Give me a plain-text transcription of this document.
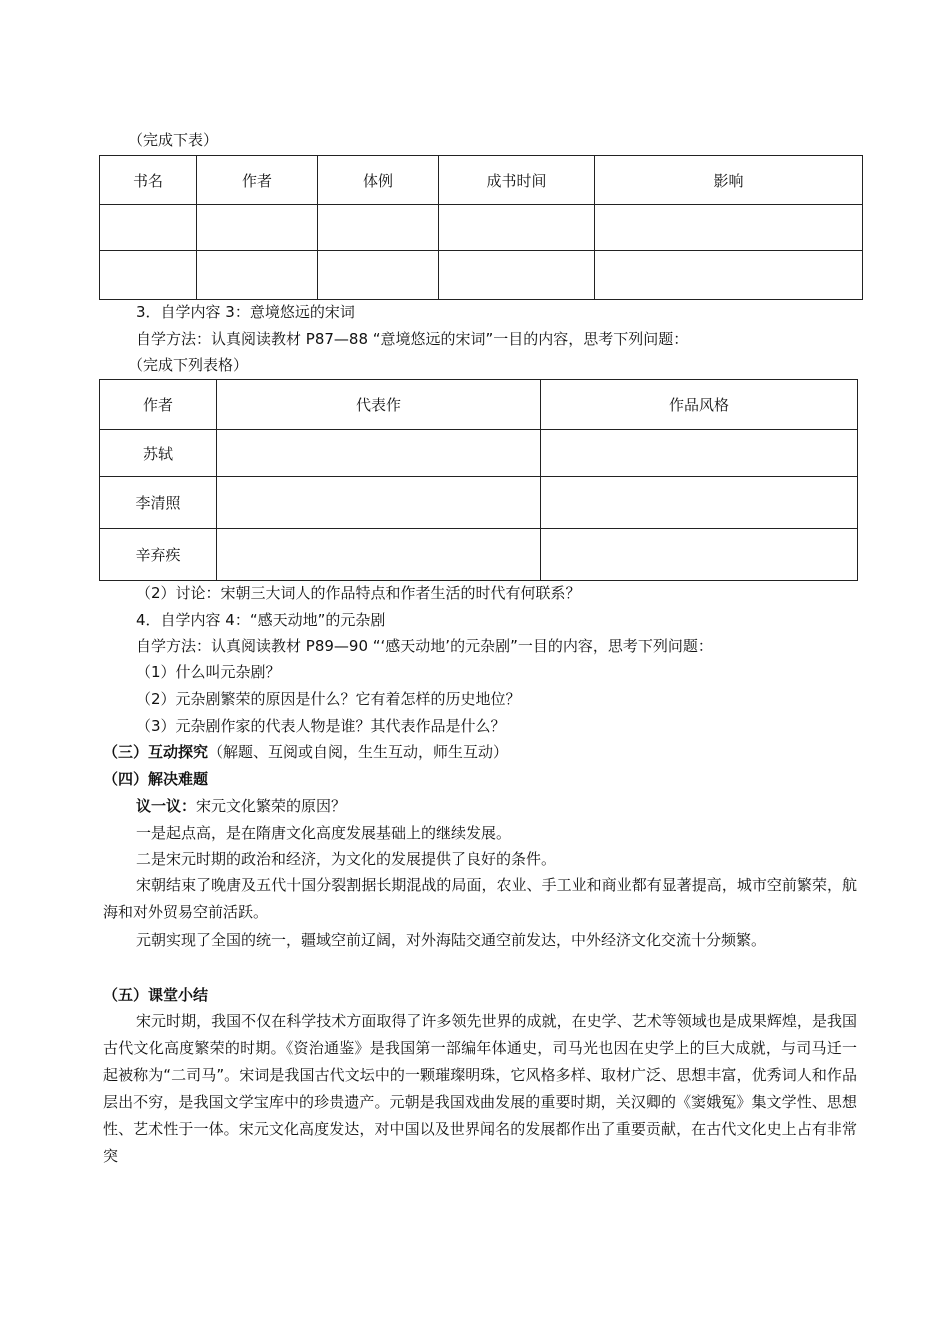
（完成下表）
书名	作者	体例	成书时间	影响

3．自学内容 3：意境悠远的宋词
自学方法：认真阅读教材 P87—88 “意境悠远的宋词”一目的内容，思考下列问题：
（完成下列表格）
作者	代表作	作品风格
苏轼		
李清照		
辛弃疾		
（2）讨论：宋朝三大词人的作品特点和作者生活的时代有何联系？
4．自学内容 4：“感天动地”的元杂剧
自学方法：认真阅读教材 P89—90 “‘感天动地’的元杂剧”一目的内容，思考下列问题：
（1）什么叫元杂剧？
（2）元杂剧繁荣的原因是什么？它有着怎样的历史地位？
（3）元杂剧作家的代表人物是谁？其代表作品是什么？
（三）互动探究（解题、互阅或自阅，生生互动，师生互动）
（四）解决难题
议一议：宋元文化繁荣的原因？
一是起点高，是在隋唐文化高度发展基础上的继续发展。
二是宋元时期的政治和经济，为文化的发展提供了良好的条件。
宋朝结束了晚唐及五代十国分裂割据长期混战的局面，农业、手工业和商业都有显著提高，城市空前繁荣，航海和对外贸易空前活跃。
元朝实现了全国的统一，疆域空前辽阔，对外海陆交通空前发达，中外经济文化交流十分频繁。
（五）课堂小结
宋元时期，我国不仅在科学技术方面取得了许多领先世界的成就，在史学、艺术等领域也是成果辉煌，是我国古代文化高度繁荣的时期。《资治通鉴》是我国第一部编年体通史，司马光也因在史学上的巨大成就，与司马迁一起被称为“二司马”。宋词是我国古代文坛中的一颗璀璨明珠，它风格多样、取材广泛、思想丰富，优秀词人和作品层出不穷，是我国文学宝库中的珍贵遗产。元朝是我国戏曲发展的重要时期，关汉卿的《窦娥冤》集文学性、思想性、艺术性于一体。宋元文化高度发达，对中国以及世界闻名的发展都作出了重要贡献，在古代文化史上占有非常突
